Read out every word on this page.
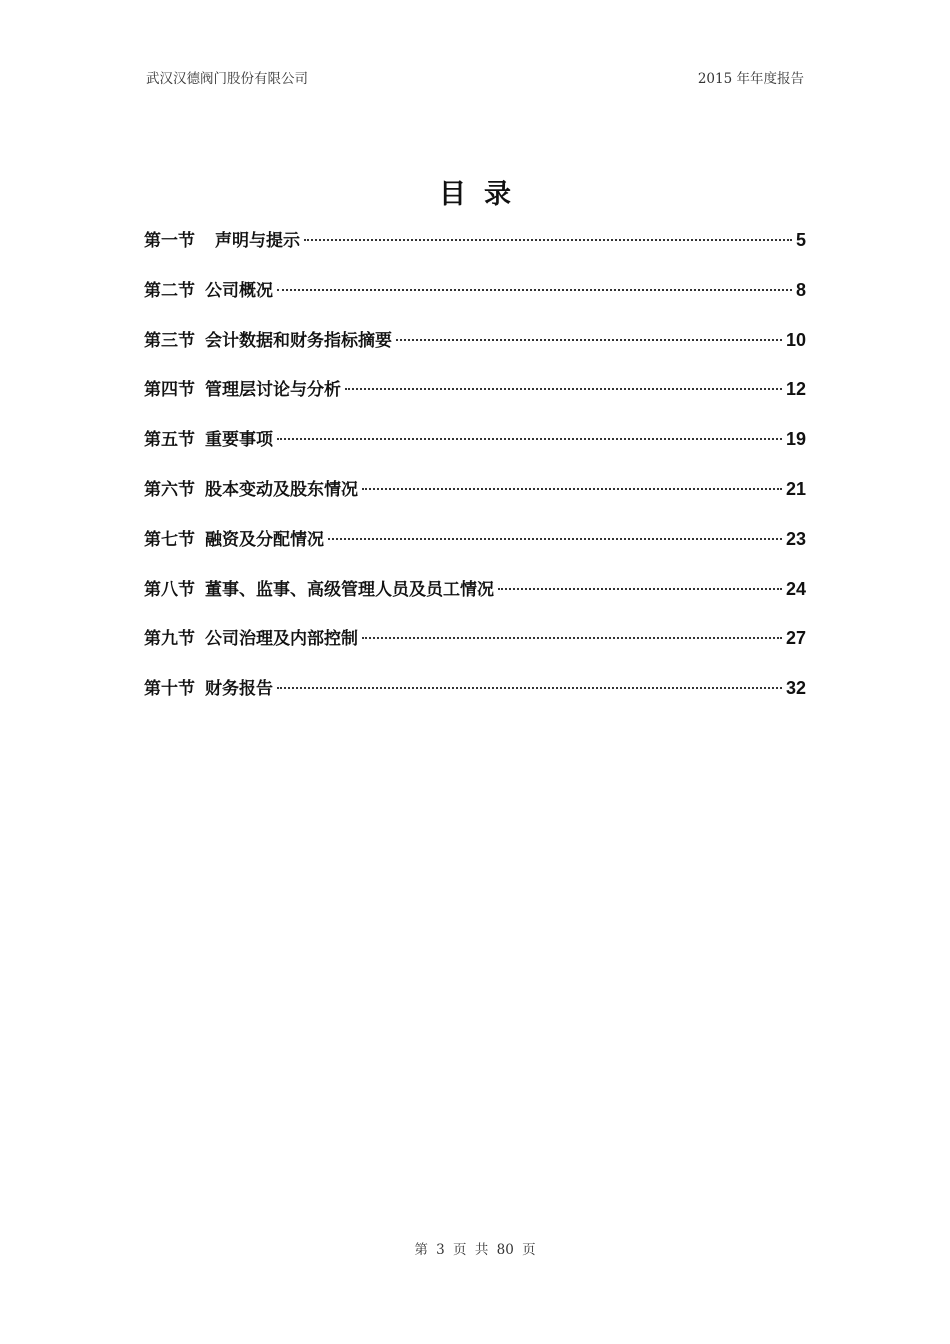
武汉汉德阀门股份有限公司	2015 年年度报告
目录
第一节 声明与提示	5
第二节 公司概况	8
第三节 会计数据和财务指标摘要	10
第四节 管理层讨论与分析	12
第五节 重要事项	19
第六节 股本变动及股东情况	21
第七节 融资及分配情况	23
第八节 董事、监事、高级管理人员及员工情况	24
第九节 公司治理及内部控制	27
第十节 财务报告	32
第 3 页 共 80 页
